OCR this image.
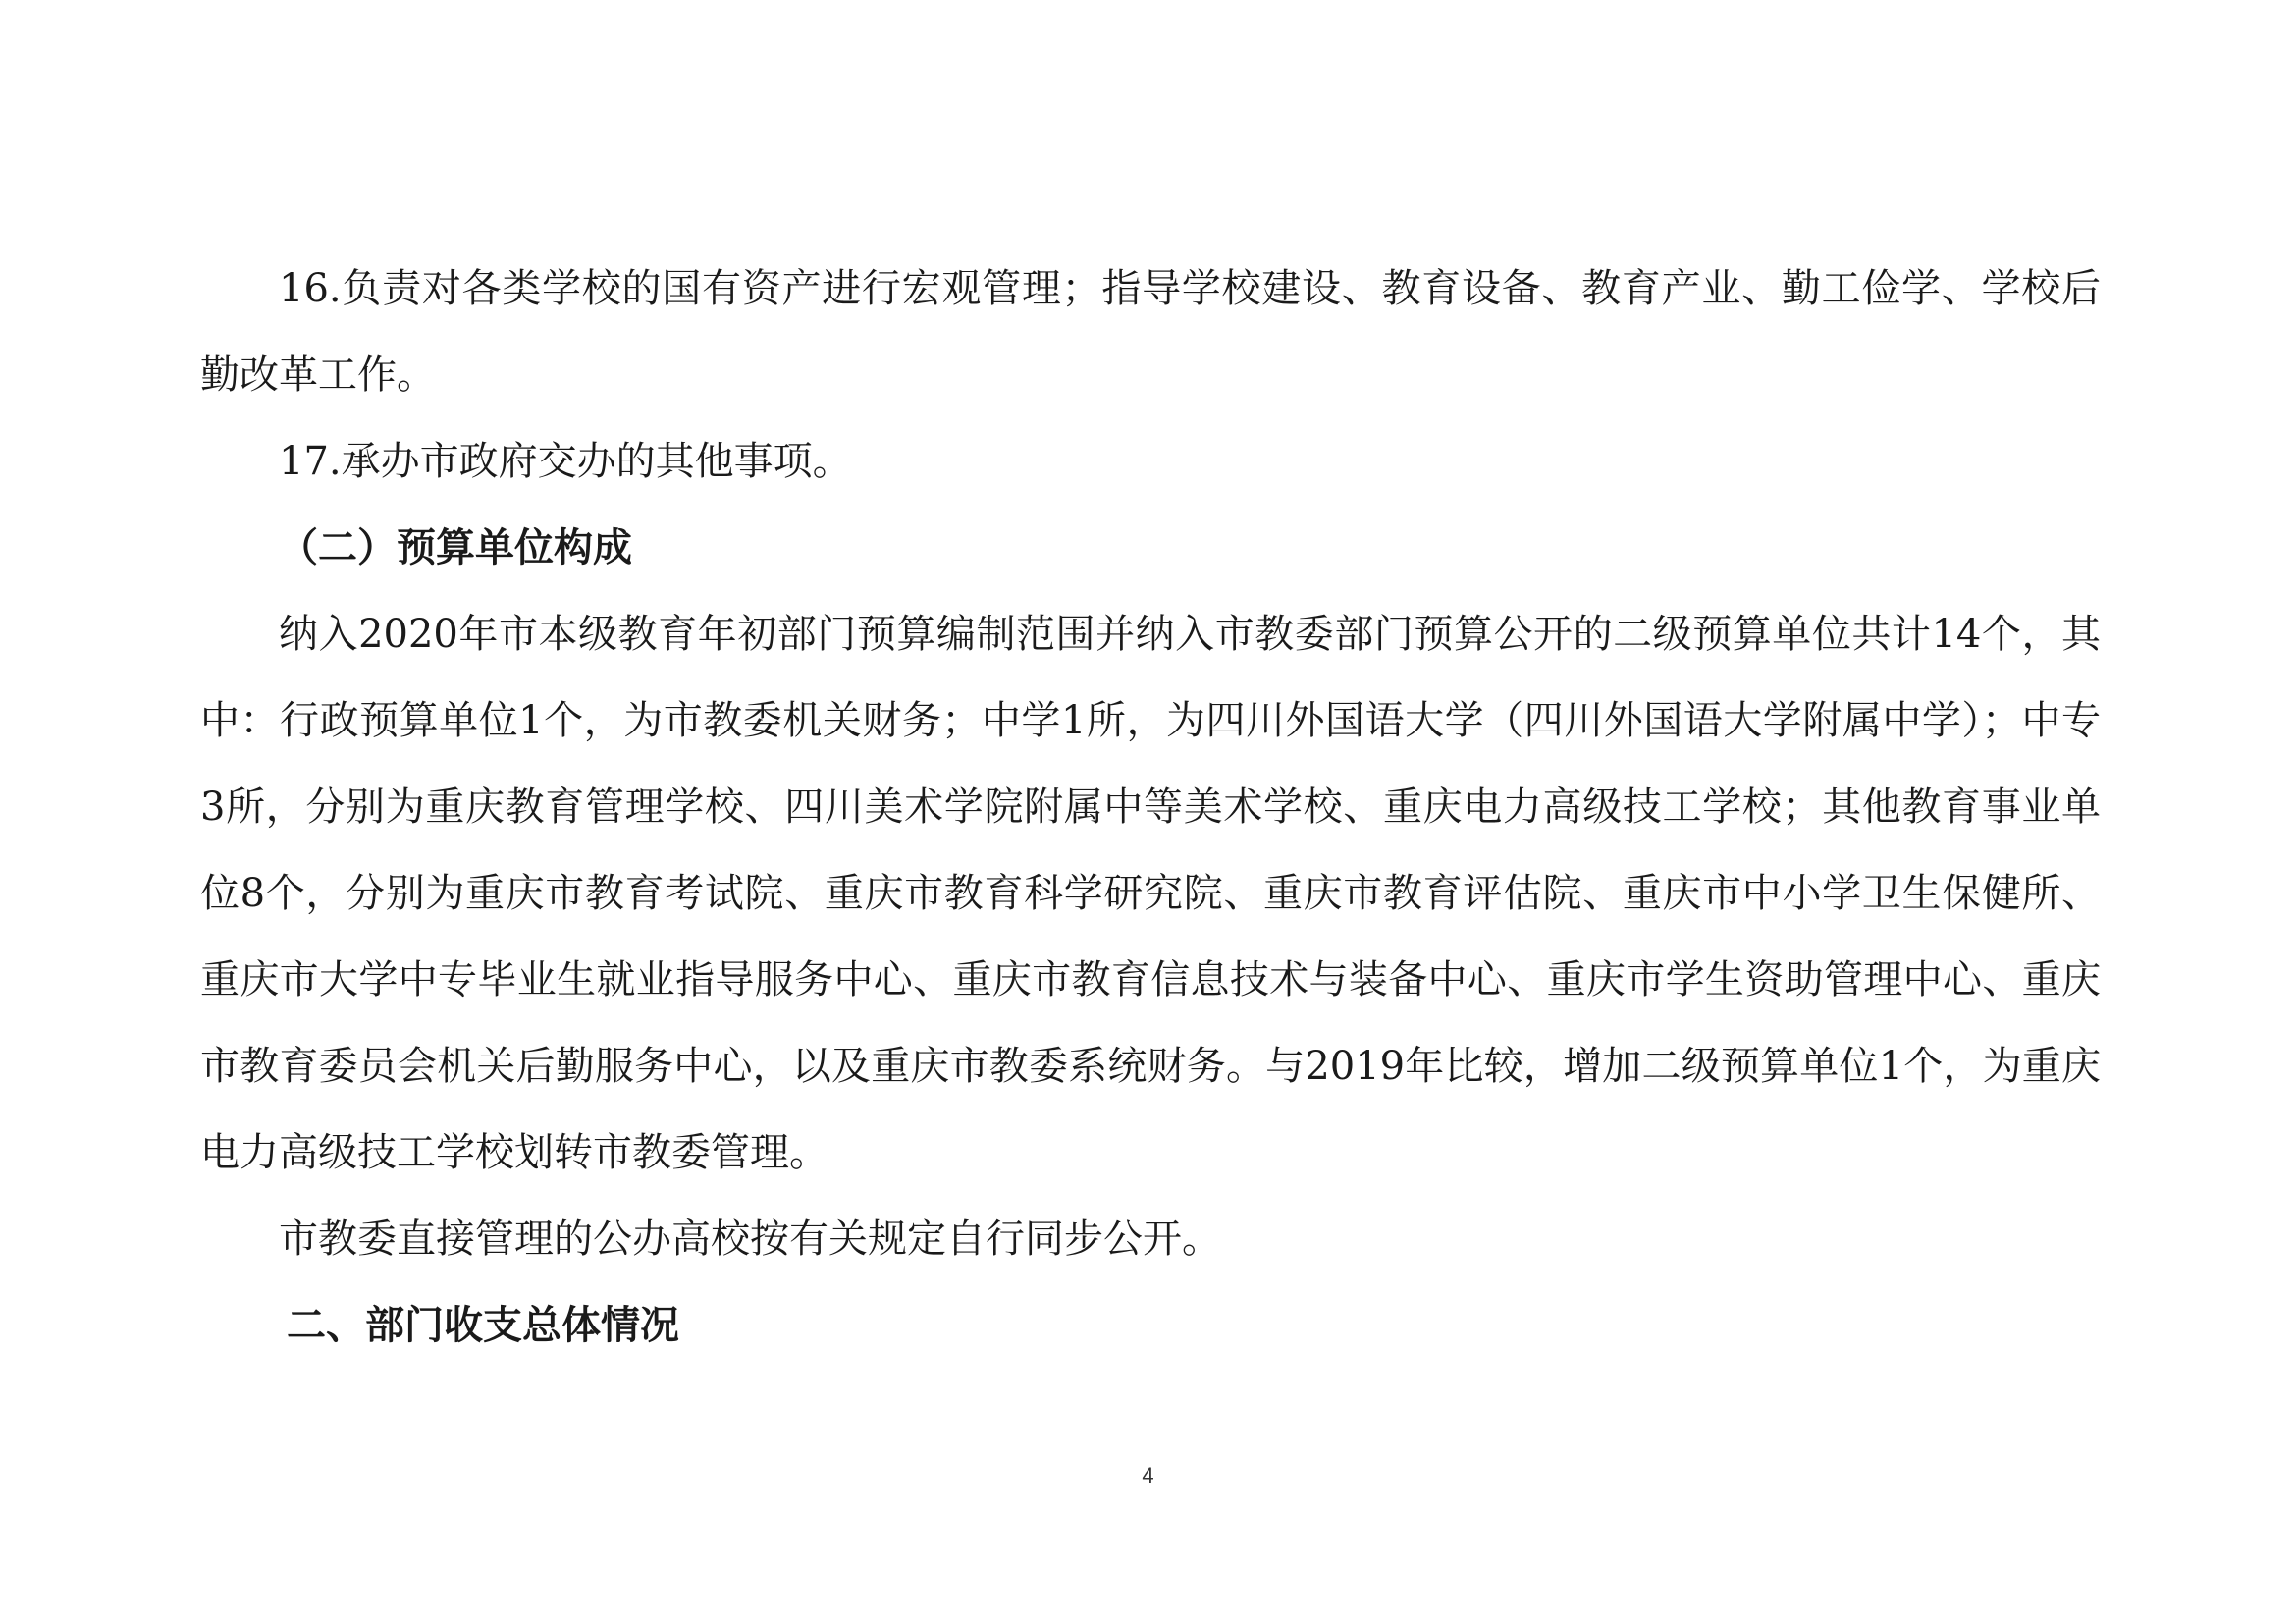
16.负责对各类学校的国有资产进行宏观管理；指导学校建设、教育设备、教育产业、勤工俭学、学校后勤改革工作。

17.承办市政府交办的其他事项。

（二）预算单位构成

纳入2020年市本级教育年初部门预算编制范围并纳入市教委部门预算公开的二级预算单位共计14个，其中：行政预算单位1个，为市教委机关财务；中学1所，为四川外国语大学（四川外国语大学附属中学）；中专3所，分别为重庆教育管理学校、四川美术学院附属中等美术学校、重庆电力高级技工学校；其他教育事业单位8个，分别为重庆市教育考试院、重庆市教育科学研究院、重庆市教育评估院、重庆市中小学卫生保健所、重庆市大学中专毕业生就业指导服务中心、重庆市教育信息技术与装备中心、重庆市学生资助管理中心、重庆市教育委员会机关后勤服务中心，以及重庆市教委系统财务。与2019年比较，增加二级预算单位1个，为重庆电力高级技工学校划转市教委管理。

市教委直接管理的公办高校按有关规定自行同步公开。

二、部门收支总体情况
4
